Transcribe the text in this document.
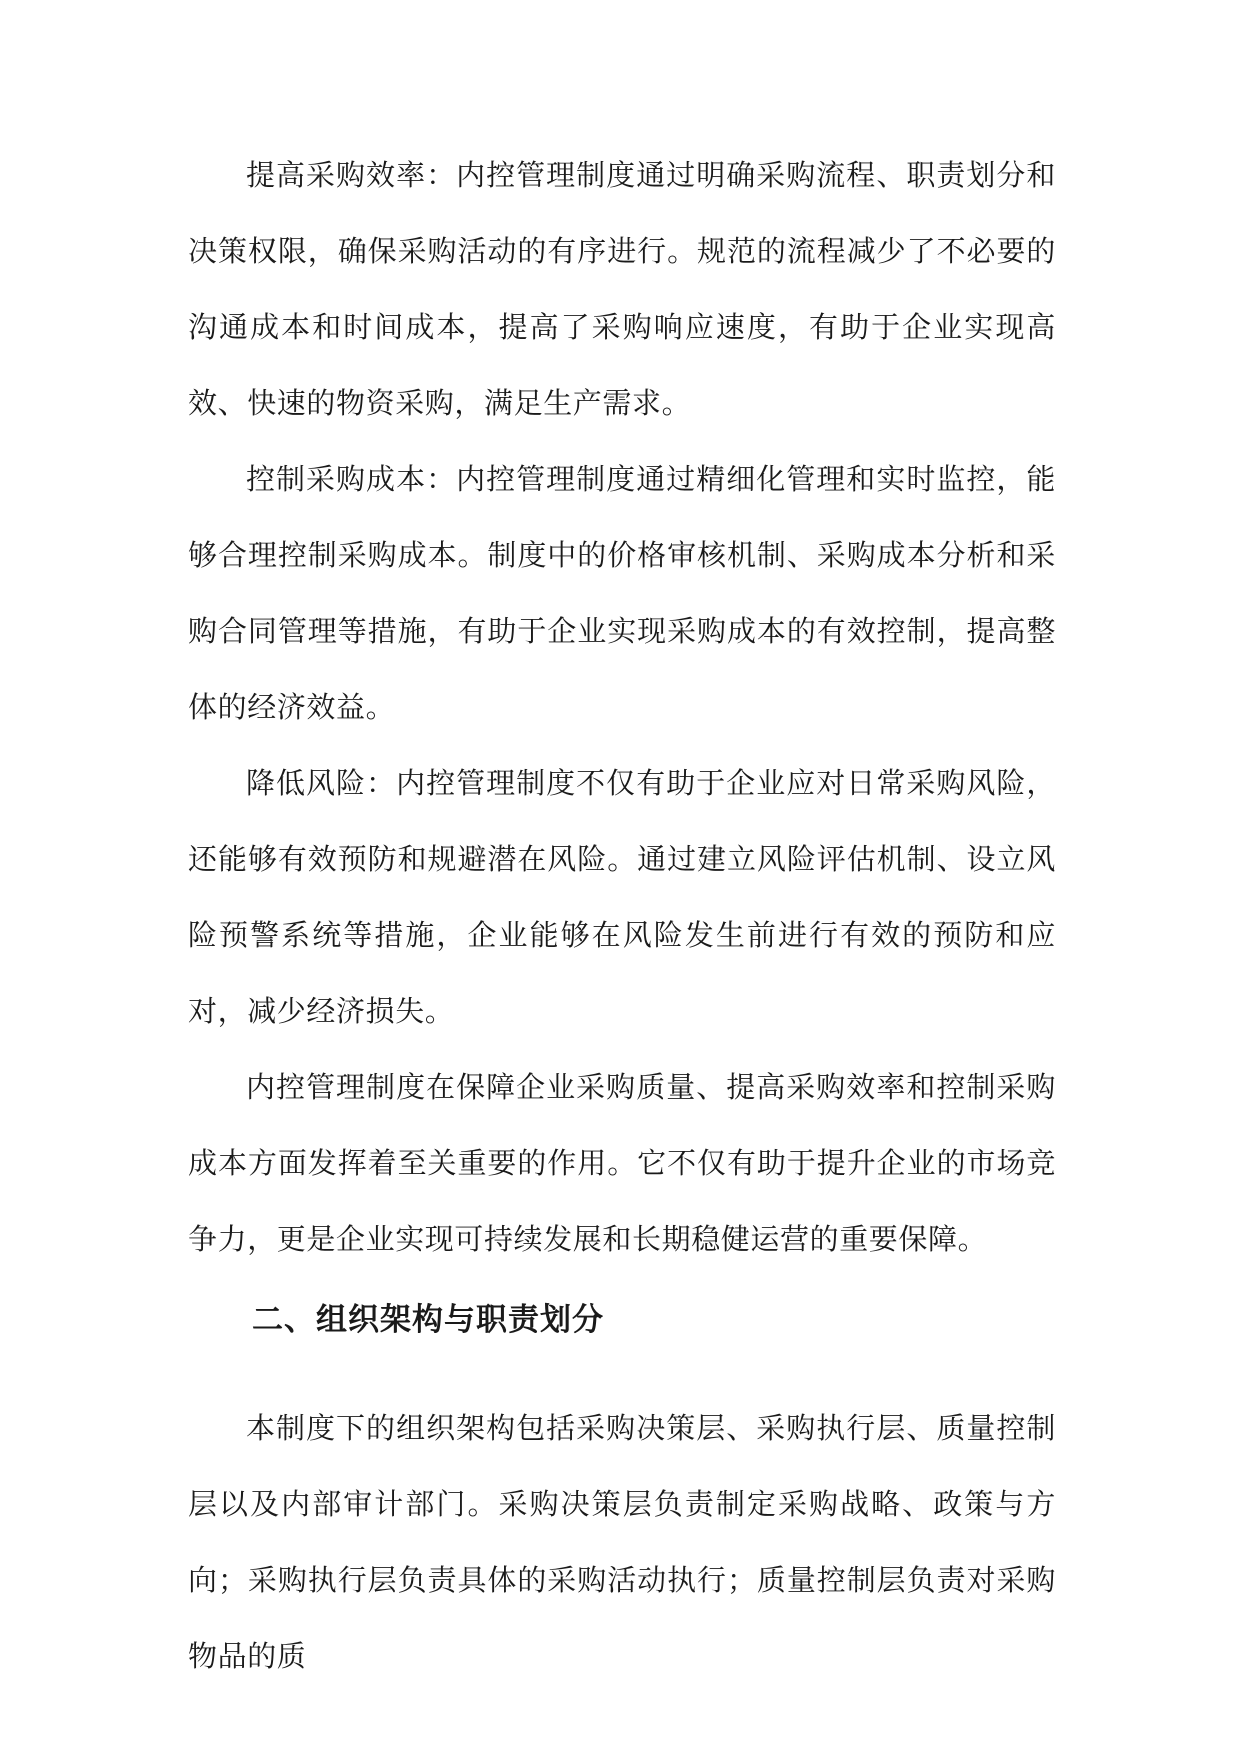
提高采购效率：内控管理制度通过明确采购流程、职责划分和决策权限，确保采购活动的有序进行。规范的流程减少了不必要的沟通成本和时间成本，提高了采购响应速度，有助于企业实现高效、快速的物资采购，满足生产需求。

控制采购成本：内控管理制度通过精细化管理和实时监控，能够合理控制采购成本。制度中的价格审核机制、采购成本分析和采购合同管理等措施，有助于企业实现采购成本的有效控制，提高整体的经济效益。

降低风险：内控管理制度不仅有助于企业应对日常采购风险，还能够有效预防和规避潜在风险。通过建立风险评估机制、设立风险预警系统等措施，企业能够在风险发生前进行有效的预防和应对，减少经济损失。

内控管理制度在保障企业采购质量、提高采购效率和控制采购成本方面发挥着至关重要的作用。它不仅有助于提升企业的市场竞争力，更是企业实现可持续发展和长期稳健运营的重要保障。

二、组织架构与职责划分

本制度下的组织架构包括采购决策层、采购执行层、质量控制层以及内部审计部门。采购决策层负责制定采购战略、政策与方向；采购执行层负责具体的采购活动执行；质量控制层负责对采购物品的质
